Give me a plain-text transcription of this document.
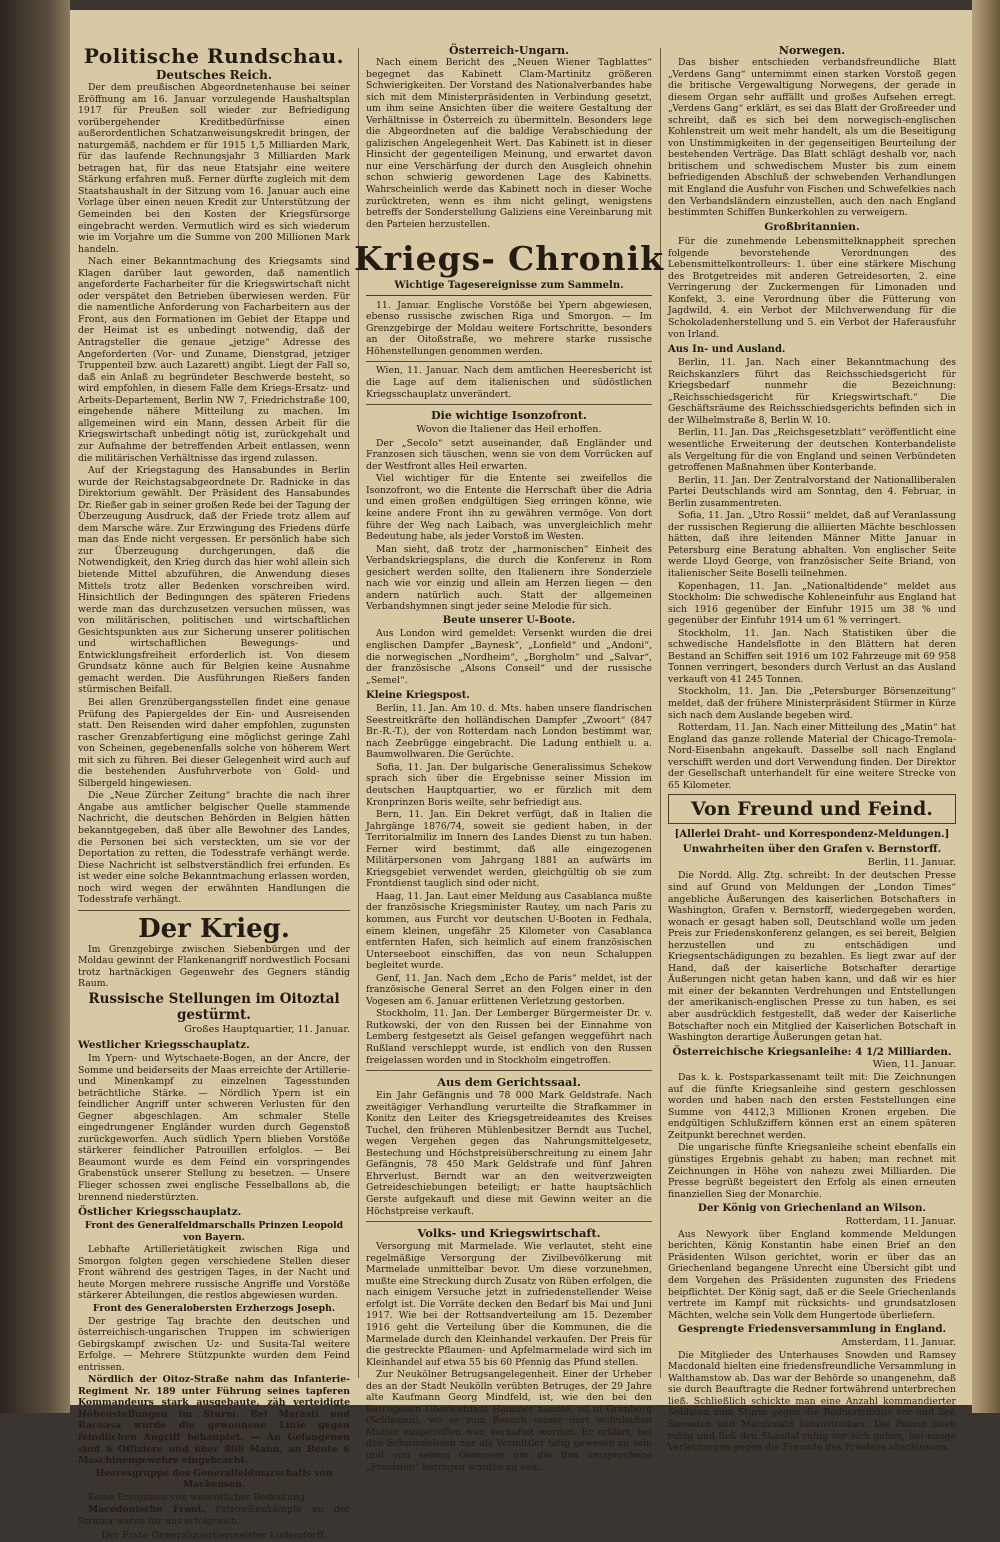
Politische Rundschau.
Deutsches Reich.

Der dem preußischen Abgeordnetenhause bei seiner Eröffnung am 16. Januar vorzulegende Haushaltsplan 1917 für Preußen soll wieder zur Befriedigung vorübergehender Kreditbedürfnisse einen außerordentlichen Schatzanweisungskredit bringen, der naturgemäß, nachdem er für 1915 1,5 Milliarden Mark, für das laufende Rechnungsjahr 3 Milliarden Mark betragen hat, für das neue Etatsjahr eine weitere Stärkung erfahren muß. Ferner dürfte zugleich mit dem Staatshaushalt in der Sitzung vom 16. Januar auch eine Vorlage über einen neuen Kredit zur Unterstützung der Gemeinden bei den Kosten der Kriegsfürsorge eingebracht werden. Vermutlich wird es sich wiederum wie im Vorjahre um die Summe von 200 Millionen Mark handeln.

Nach einer Bekanntmachung des Kriegsamts sind Klagen darüber laut geworden, daß namentlich angeforderte Facharbeiter für die Kriegswirtschaft nicht oder verspätet den Betrieben überwiesen werden. Für die namentliche Anforderung von Facharbeitern aus der Front, aus den Formationen im Gebiet der Etappe und der Heimat ist es unbedingt notwendig, daß der Antragsteller die genaue „jetzige“ Adresse des Angeforderten (Vor- und Zuname, Dienstgrad, jetziger Truppenteil bzw. auch Lazarett) angibt. Liegt der Fall so, daß ein Anlaß zu begründeter Beschwerde besteht, so wird empfohlen, in diesem Falle dem Kriegs-Ersatz- und Arbeits-Departement, Berlin NW 7, Friedrichstraße 100, eingehende nähere Mitteilung zu machen. Im allgemeinen wird ein Mann, dessen Arbeit für die Kriegswirtschaft unbedingt nötig ist, zurückgehalt und zur Aufnahme der betreffenden Arbeit entlassen, wenn die militärischen Verhältnisse das irgend zulassen.

Auf der Kriegstagung des Hansabundes in Berlin wurde der Reichstagsabgeordnete Dr. Radnicke in das Direktorium gewählt. Der Präsident des Hansabundes Dr. Rießer gab in seiner großen Rede bei der Tagung der Überzeugung Ausdruck, daß der Friede trotz allem auf dem Marsche wäre. Zur Erzwingung des Friedens dürfe man das Ende nicht vergessen. Er persönlich habe sich zur Überzeugung durchgerungen, daß die Notwendigkeit, den Krieg durch das hier wohl allein sich bietende Mittel abzuführen, die Anwendung dieses Mittels trotz aller Bedenken vorschreiben wird. Hinsichtlich der Bedingungen des späteren Friedens werde man das durchzusetzen versuchen müssen, was von militärischen, politischen und wirtschaftlichen Gesichtspunkten aus zur Sicherung unserer politischen und wirtschaftlichen Bewegungs- und Entwicklungsfreiheit erforderlich ist. Von diesem Grundsatz könne auch für Belgien keine Ausnahme gemacht werden. Die Ausführungen Rießers fanden stürmischen Beifall.

Bei allen Grenzübergangsstellen findet eine genaue Prüfung des Papiergeldes der Ein- und Ausreisenden statt. Den Reisenden wird daher empfohlen, zugunsten rascher Grenzabfertigung eine möglichst geringe Zahl von Scheinen, gegebenenfalls solche von höherem Wert mit sich zu führen. Bei dieser Gelegenheit wird auch auf die bestehenden Ausfuhrverbote von Gold- und Silbergeld hingewiesen.

Die „Neue Zürcher Zeitung“ brachte die nach ihrer Angabe aus amtlicher belgischer Quelle stammende Nachricht, die deutschen Behörden in Belgien hätten bekanntgegeben, daß über alle Bewohner des Landes, die Personen bei sich versteckten, um sie vor der Deportation zu retten, die Todesstrafe verhängt werde. Diese Nachricht ist selbstverständlich frei erfunden. Es ist weder eine solche Bekanntmachung erlassen worden, noch wird wegen der erwähnten Handlungen die Todesstrafe verhängt.

Der Krieg.

Im Grenzgebirge zwischen Siebenbürgen und der Moldau gewinnt der Flankenangriff nordwestlich Focsani trotz hartnäckigen Gegenwehr des Gegners ständig Raum.

Russische Stellungen im Oitoztal gestürmt.
Großes Hauptquartier, 11. Januar.
Westlicher Kriegsschauplatz.

Im Ypern- und Wytschaete-Bogen, an der Ancre, der Somme und beiderseits der Maas erreichte der Artillerie- und Minenkampf zu einzelnen Tagesstunden beträchtliche Stärke. — Nördlich Ypern ist ein feindlicher Angriff unter schweren Verlusten für den Gegner abgeschlagen. Am schmaler Stelle eingedrungener Engländer wurden durch Gegenstoß zurückgeworfen. Auch südlich Ypern blieben Vorstöße stärkerer feindlicher Patrouillen erfolglos. — Bei Beaumont wurde es dem Feind ein vorspringendes Grabenstück unserer Stellung zu besetzen. — Unsere Flieger schossen zwei englische Fesselballons ab, die brennend niederstürzten.

Östlicher Kriegsschauplatz.

Front des Generalfeldmarschalls Prinzen Leopold von Bayern.

Lebhafte Artillerietätigkeit zwischen Riga und Smorgon folgten gegen verschiedene Stellen dieser Front während des gestrigen Tages, in der Nacht und heute Morgen mehrere russische Angriffe und Vorstöße stärkerer Abteilungen, die restlos abgewiesen wurden.

Front des Generalobersten Erzherzogs Joseph.

Der gestrige Tag brachte den deutschen und österreichisch-ungarischen Truppen im schwierigen Gebirgskampf zwischen Uz- und Susita-Tal weitere Erfolge. — Mehrere Stützpunkte wurden dem Feind entrissen.

Nördlich der Oitoz-Straße nahm das Infanterie-Regiment Nr. 189 unter Führung seines tapferen Kommandeurs stark ausgebaute, zäh verteidigte Höhenstellungen im Sturm. Bei Marasti und Racoasa wurde die gewonnene Linie gegen feindlichen Angriff behauptet. — An Gefangenen sind 6 Offiziere und über 800 Mann, an Beute 6 Maschinengewehre eingebracht.

Heeresgruppe des Generalfeldmarschalls von Mackensen.

Keine Ereignisse von wesentlicher Bedeutung.

Macedonische Front. Patrouillenkämpfe an der Struma waren für uns erfolgreich.

Der Erste Generalquartiermeister Ludendorff.
Österreich-Ungarn.

Nach einem Bericht des „Neuen Wiener Tagblattes“ begegnet das Kabinett Clam-Martinitz größeren Schwierigkeiten. Der Vorstand des Nationalverbandes habe sich mit dem Ministerpräsidenten in Verbindung gesetzt, um ihm seine Ansichten über die weitere Gestaltung der Verhältnisse in Österreich zu übermitteln. Besonders lege die Abgeordneten auf die baldige Verabschiedung der galizischen Angelegenheit Wert. Das Kabinett ist in dieser Hinsicht der gegenteiligen Meinung, und erwartet davon nur eine Verschärfung der durch den Ausgleich ohnehin schon schwierig gewordenen Lage des Kabinetts. Wahrscheinlich werde das Kabinett noch in dieser Woche zurücktreten, wenn es ihm nicht gelingt, wenigstens betreffs der Sonderstellung Galiziens eine Vereinbarung mit den Parteien herzustellen.

Kriegs- Chronik
Wichtige Tagesereignisse zum Sammeln.

11. Januar. Englische Vorstöße bei Ypern abgewiesen, ebenso russische zwischen Riga und Smorgon. — Im Grenzgebirge der Moldau weitere Fortschritte, besonders an der Oitoßstraße, wo mehrere starke russische Höhenstellungen genommen werden.

Wien, 11. Januar. Nach dem amtlichen Heeresbericht ist die Lage auf dem italienischen und südöstlichen Kriegsschauplatz unverändert.

Die wichtige Isonzofront.
Wovon die Italiener das Heil erhoffen.

Der „Secolo“ setzt auseinander, daß Engländer und Franzosen sich täuschen, wenn sie von dem Vorrücken auf der Westfront alles Heil erwarten.

Viel wichtiger für die Entente sei zweifellos die Isonzofront, wo die Entente die Herrschaft über die Adria und einen großen endgültigen Sieg erringen könne, wie keine andere Front ihn zu gewähren vermöge. Von dort führe der Weg nach Laibach, was unvergleichlich mehr Bedeutung habe, als jeder Vorstoß im Westen.

Man sieht, daß trotz der „harmonischen“ Einheit des Verbandskriegsplans, die durch die Konferenz in Rom gesichert werden sollte, den Italienern ihre Sonderziele nach wie vor einzig und allein am Herzen liegen — den andern natürlich auch. Statt der allgemeinen Verbandshymnen singt jeder seine Melodie für sich.

Beute unserer U-Boote.

Aus London wird gemeldet: Versenkt wurden die drei englischen Dampfer „Baynesk“, „Lonfield“ und „Andoni“, die norwegischen „Nordheim“, „Borgholm“ und „Salvar“, der französische „Alsons Conseil“ und der russische „Semel“.

Kleine Kriegspost.

Berlin, 11. Jan. Am 10. d. Mts. haben unsere flandrischen Seestreitkräfte den holländischen Dampfer „Zwoort“ (847 Br.-R.-T.), der von Rotterdam nach London bestimmt war, nach Zeebrügge eingebracht. Die Ladung enthielt u. a. Baumwollwaren. Die Gerüchte.

Sofia, 11. Jan. Der bulgarische Generalissimus Schekow sprach sich über die Ergebnisse seiner Mission im deutschen Hauptquartier, wo er fürzlich mit dem Kronprinzen Boris weilte, sehr befriedigt aus.

Bern, 11. Jan. Ein Dekret verfügt, daß in Italien die Jahrgänge 1876/74, soweit sie gedient haben, in der Territorialmiliz im Innern des Landes Dienst zu tun haben. Ferner wird bestimmt, daß alle eingezogenen Militärpersonen vom Jahrgang 1881 an aufwärts im Kriegsgebiet verwendet werden, gleichgültig ob sie zum Frontdienst tauglich sind oder nicht.

Haag, 11. Jan. Laut einer Meldung aus Casablanca mußte der französische Kriegsminister Rautey, um nach Paris zu kommen, aus Furcht vor deutschen U-Booten in Fedhala, einem kleinen, ungefähr 25 Kilometer von Casablanca entfernten Hafen, sich heimlich auf einem französischen Unterseeboot einschiffen, das von neun Schaluppen begleitet wurde.

Genf, 11. Jan. Nach dem „Echo de Paris“ meldet, ist der französische General Serret an den Folgen einer in den Vogesen am 6. Januar erlittenen Verletzung gestorben.

Stockholm, 11. Jan. Der Lemberger Bürgermeister Dr. v. Rutkowski, der von den Russen bei der Einnahme von Lemberg festgesetzt als Geisel gefangen weggeführt nach Rußland verschleppt wurde, ist endlich von den Russen freigelassen worden und in Stockholm eingetroffen.

Aus dem Gerichtssaal.

Ein Jahr Gefängnis und 78 000 Mark Geldstrafe. Nach zweitägiger Verhandlung verurteilte die Strafkammer in Konitz den Leiter des Kriegsgetreideamtes des Kreises Tuchel, den früheren Mühlenbesitzer Berndt aus Tuchel, wegen Vergehen gegen das Nahrungsmittelgesetz, Bestechung und Höchstpreisüberschreitung zu einem Jahr Gefängnis, 78 450 Mark Geldstrafe und fünf Jahren Ehrverlust. Berndt war an den weitverzweigten Getreideschiebungen beteiligt; er hatte hauptsächlich Gerste aufgekauft und diese mit Gewinn weiter an die Höchstpreise verkauft.

Volks- und Kriegswirtschaft.

Versorgung mit Marmelade. Wie verlautet, steht eine regelmäßige Versorgung der Zivilbevölkerung mit Marmelade unmittelbar bevor. Um diese vorzunehmen, mußte eine Streckung durch Zusatz von Rüben erfolgen, die nach einigem Versuche jetzt in zufriedenstellender Weise erfolgt ist. Die Vorräte decken den Bedarf bis Mai und Juni 1917. Wie bei der Rottsandverteilung am 15. Dezember 1916 geht die Verteilung über die Kommunen, die die Marmelade durch den Kleinhandel verkaufen. Der Preis für die gestreckte Pflaumen- und Apfelmarmelade wird sich im Kleinhandel auf etwa 55 bis 60 Pfennig das Pfund stellen.

Zur Neukölner Betrugsangelegenheit. Einer der Urheber des an der Stadt Neukölln verübten Betruges, der 29 Jahre alte Kaufmann Georg Mindfeld, ist, wie den bei den Betrogenen Oberleutnant Hammer nannte, ist in Grünberg (Schlesien), wo er zum Besuch seiner dort wohnhaften Mutter eingetroffen war, verhaftet worden. Er erklärt, bei den Schwindeleien nur als Vermittler tätig gewesen zu sein und von seinen Genossen um die ihm versprochene „Provision“ betrogen worden zu sein.

Norwegen.

Das bisher entschieden verbandsfreundliche Blatt „Verdens Gang“ unternimmt einen starken Vorstoß gegen die britische Vergewaltigung Norwegens, der gerade in diesem Organ sehr auffällt und großes Aufsehen erregt. „Verdens Gang“ erklärt, es sei das Blatt der Großreeder und schreibt, daß es sich bei dem norwegisch-englischen Kohlenstreit um weit mehr handelt, als um die Beseitigung von Unstimmigkeiten in der gegenseitigen Beurteilung der bestehenden Verträge. Das Blatt schlägt deshalb vor, nach britischem und schwedischem Muster bis zum einem befriedigenden Abschluß der schwebenden Verhandlungen mit England die Ausfuhr von Fischen und Schwefelkies nach den Verbandsländern einzustellen, auch den nach England bestimmten Schiffen Bunkerkohlen zu verweigern.

Großbritannien.

Für die zunehmende Lebensmittelknappheit sprechen folgende bevorstehende Verordnungen des Lebensmittelkontrolleurs: 1. über eine stärkere Mischung des Brotgetreides mit anderen Getreidesorten, 2. eine Verringerung der Zuckermengen für Limonaden und Konfekt, 3. eine Verordnung über die Fütterung von Jagdwild, 4. ein Verbot der Milchverwendung für die Schokoladenherstellung und 5. ein Verbot der Haferausfuhr von Irland.

Aus In- und Ausland.

Berlin, 11. Jan. Nach einer Bekanntmachung des Reichskanzlers führt das Reichsschiedsgericht für Kriegsbedarf nunmehr die Bezeichnung: „Reichsschiedsgericht für Kriegswirtschaft.“ Die Geschäftsräume des Reichsschiedsgerichts befinden sich in der Wilhelmstraße 8, Berlin W. 10.

Berlin, 11. Jan. Das „Reichsgesetzblatt“ veröffentlicht eine wesentliche Erweiterung der deutschen Konterbandeliste als Vergeltung für die von England und seinen Verbündeten getroffenen Maßnahmen über Konterbande.

Berlin, 11. Jan. Der Zentralvorstand der Nationalliberalen Partei Deutschlands wird am Sonntag, den 4. Februar, in Berlin zusammentreten.

Sofia, 11. Jan. „Utro Rossii“ meldet, daß auf Veranlassung der russischen Regierung die alliierten Mächte beschlossen hätten, daß ihre leitenden Männer Mitte Januar in Petersburg eine Beratung abhalten. Von englischer Seite werde Lloyd George, von französischer Seite Briand, von italienischer Seite Boselli teilnehmen.

Kopenhagen, 11. Jan. „Nationaltidende“ meldet aus Stockholm: Die schwedische Kohleneinfuhr aus England hat sich 1916 gegenüber der Einfuhr 1915 um 38 % und gegenüber der Einfuhr 1914 um 61 % verringert.

Stockholm, 11. Jan. Nach Statistiken über die schwedische Handelsflotte in den Blättern hat deren Bestand an Schiffen seit 1916 um 102 Fahrzeuge mit 69 958 Tonnen verringert, besonders durch Verlust an das Ausland verkauft von 41 245 Tonnen.

Stockholm, 11. Jan. Die „Petersburger Börsenzeitung“ meldet, daß der frühere Ministerpräsident Stürmer in Kürze sich nach dem Auslande begeben wird.

Rotterdam, 11. Jan. Nach einer Mitteilung des „Matin“ hat England das ganze rollende Material der Chicago-Tremola-Nord-Eisenbahn angekauft. Dasselbe soll nach England verschifft werden und dort Verwendung finden. Der Direktor der Gesellschaft unterhandelt für eine weitere Strecke von 65 Kilometer.

Von Freund und Feind.
[Allerlei Draht- und Korrespondenz-Meldungen.]
Unwahrheiten über den Grafen v. Bernstorff.
Berlin, 11. Januar.

Die Nordd. Allg. Ztg. schreibt: In der deutschen Presse sind auf Grund von Meldungen der „London Times“ angebliche Äußerungen des kaiserlichen Botschafters in Washington, Grafen v. Bernstorff, wiedergegeben worden, wonach er gesagt haben soll, Deutschland wolle um jeden Preis zur Friedenskonferenz gelangen, es sei bereit, Belgien herzustellen und zu entschädigen und Kriegsentschädigungen zu bezahlen. Es liegt zwar auf der Hand, daß der kaiserliche Botschafter derartige Äußerungen nicht getan haben kann, und daß wir es hier mit einer der bekannten Verdrehungen und Entstellungen der amerikanisch-englischen Presse zu tun haben, es sei aber ausdrücklich festgestellt, daß weder der Kaiserliche Botschafter noch ein Mitglied der Kaiserlichen Botschaft in Washington derartige Äußerungen getan hat.

Österreichische Kriegsanleihe: 4 1/2 Milliarden.
Wien, 11. Januar.

Das k. k. Postsparkassenamt teilt mit: Die Zeichnungen auf die fünfte Kriegsanleihe sind gestern geschlossen worden und haben nach den ersten Feststellungen eine Summe von 4412,3 Millionen Kronen ergeben. Die endgültigen Schlußziffern können erst an einem späteren Zeitpunkt berechnet werden.

Die ungarische fünfte Kriegsanleihe scheint ebenfalls ein günstiges Ergebnis gehabt zu haben; man rechnet mit Zeichnungen in Höhe von nahezu zwei Milliarden. Die Presse begrüßt begeistert den Erfolg als einen erneuten finanziellen Sieg der Monarchie.

Der König von Griechenland an Wilson.
Rotterdam, 11. Januar.

Aus Newyork über England kommende Meldungen berichten, König Konstantin habe einen Brief an den Präsidenten Wilson gerichtet, worin er über das an Griechenland begangene Unrecht eine Übersicht gibt und dem Vorgehen des Präsidenten zugunsten des Friedens beipflichtet. Der König sagt, daß er die Seele Griechenlands vertrete im Kampf mit rücksichts- und grundsatzlosen Mächten, welche sein Volk dem Hungertode überliefern.

Gesprengte Friedensversammlung in England.
Amsterdam, 11. Januar.

Die Mitglieder des Unterhauses Snowden und Ramsey Macdonald hielten eine friedensfreundliche Versammlung in Walthamstow ab. Das war der Behörde so unangenehm, daß sie durch Beauftragte die Redner fortwährend unterbrechen ließ. Schließlich schickte man eine Anzahl kommandierter Soldaten zum Sturm gegen die Rednertribüne vor und ließ Snowden und Macdonald hinaustreiben. Die Polizei blieb ruhig und ließ den Skandal ruhig vor sich gehen, bei einige Verletzungen gegen die Freunde des Friedens abschlossen.
